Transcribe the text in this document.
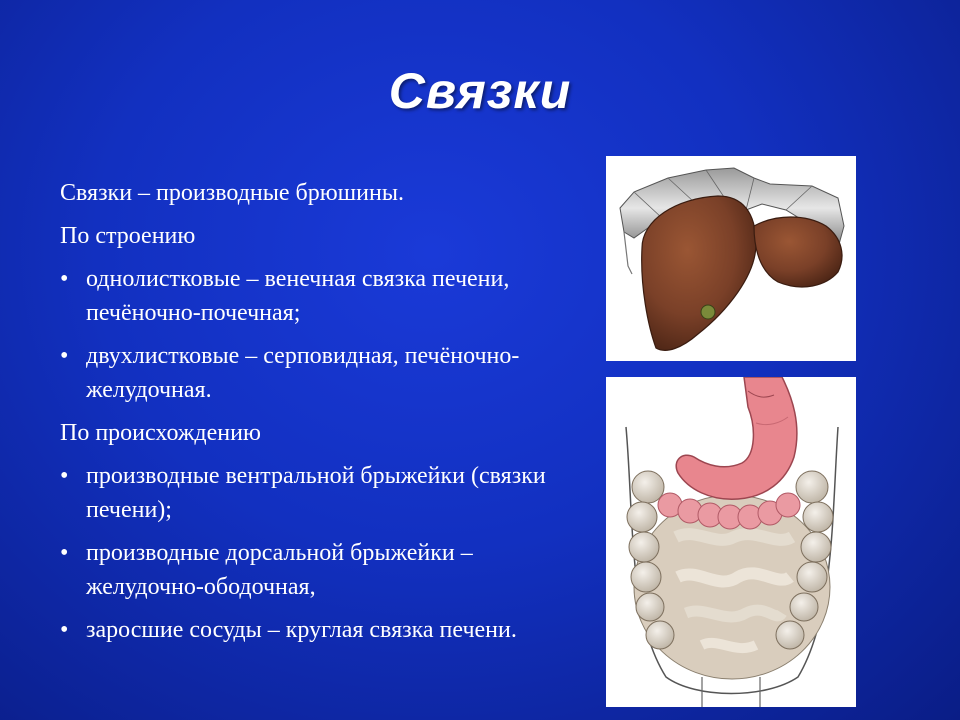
Связки
Связки – производные брюшины.
По строению
• однолистковые – венечная связка печени, печёночно-почечная;
• двухлистковые – серповидная, печёночно-желудочная.
По происхождению
• производные вентральной брыжейки (связки печени);
• производные дорсальной брыжейки – желудочно-ободочная,
• заросшие сосуды – круглая связка печени.
